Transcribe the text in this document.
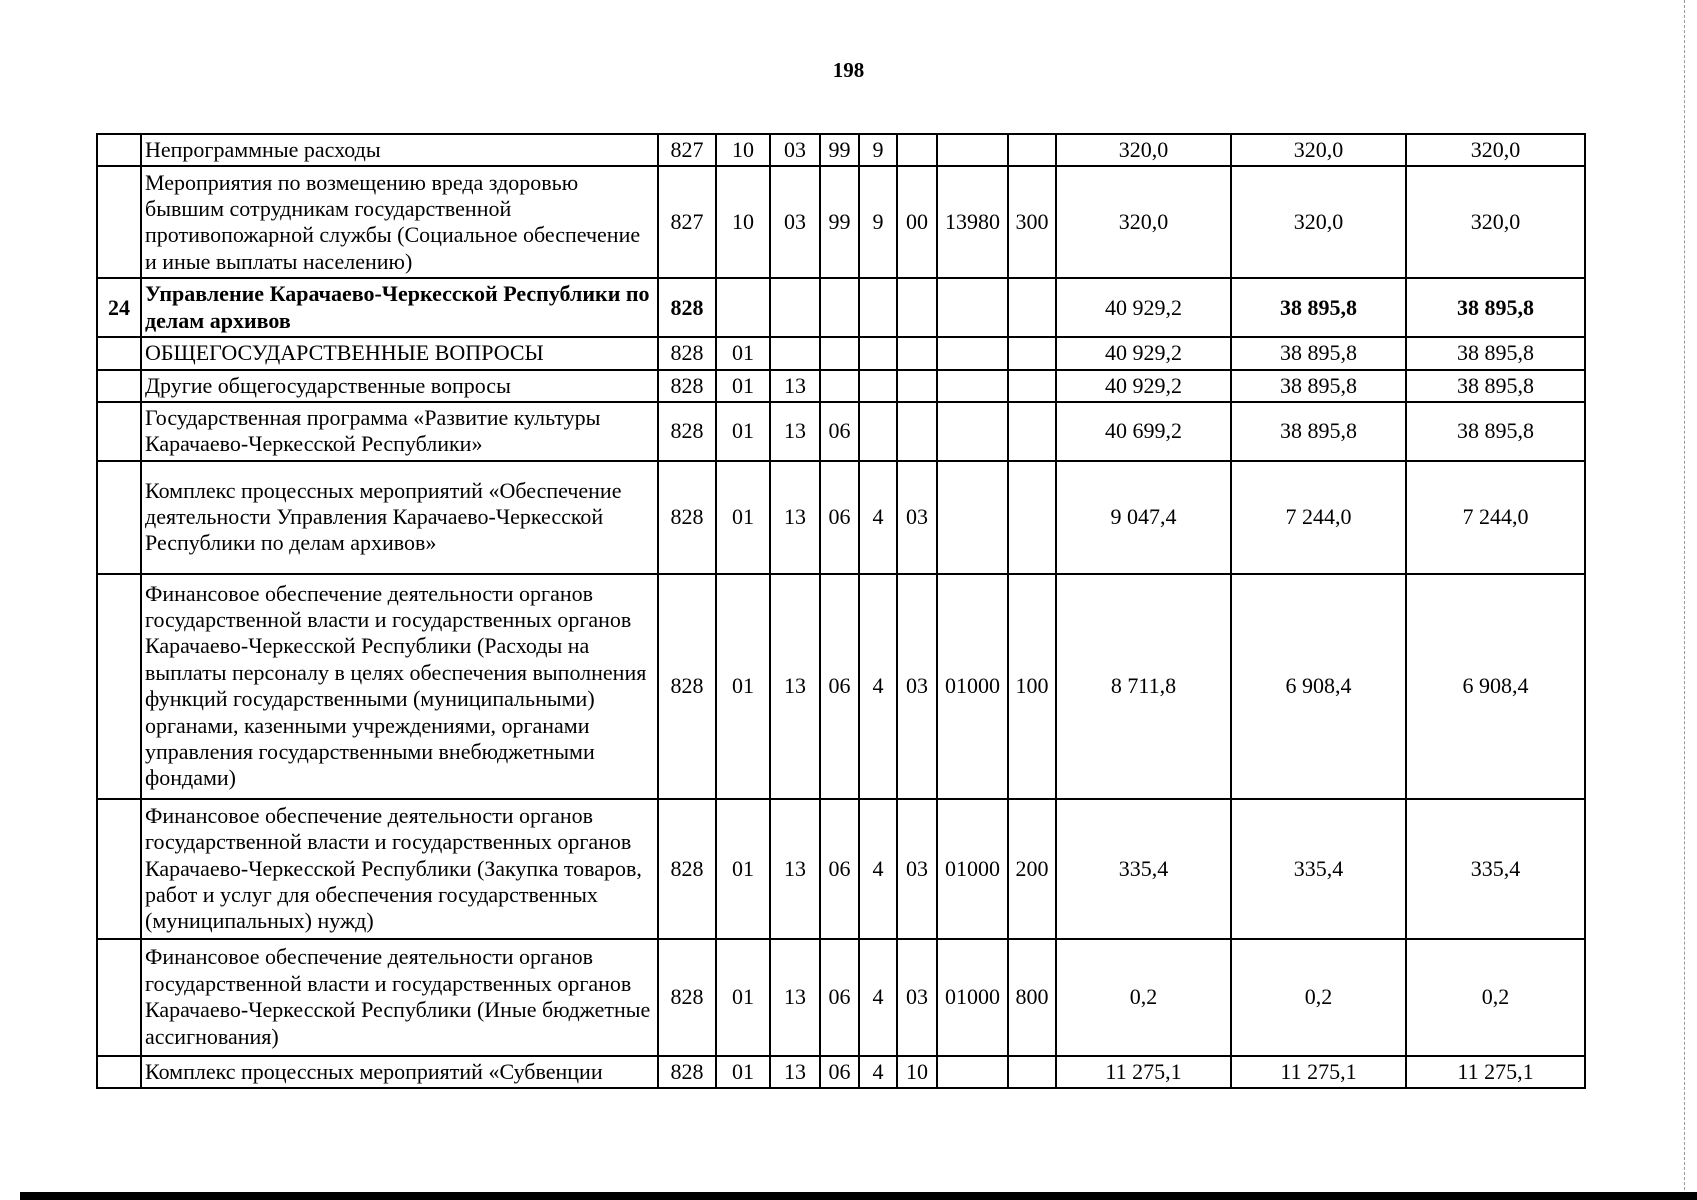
198
	Непрограммные расходы	827	10	03	99	9				320,0	320,0	320,0
	Мероприятия по возмещению вреда здоровью бывшим сотрудникам государственной противопожарной службы (Социальное обеспечение и иные выплаты населению)	827	10	03	99	9	00	13980	300	320,0	320,0	320,0
24	Управление Карачаево-Черкесской Республики по делам архивов	828								40 929,2	38 895,8	38 895,8
	ОБЩЕГОСУДАРСТВЕННЫЕ ВОПРОСЫ	828	01							40 929,2	38 895,8	38 895,8
	Другие общегосударственные вопросы	828	01	13						40 929,2	38 895,8	38 895,8
	Государственная программа «Развитие культуры Карачаево-Черкесской Республики»	828	01	13	06					40 699,2	38 895,8	38 895,8
	Комплекс процессных мероприятий «Обеспечение деятельности Управления Карачаево-Черкесской Республики по делам архивов»	828	01	13	06	4	03			9 047,4	7 244,0	7 244,0
	Финансовое обеспечение деятельности органов государственной власти и государственных органов Карачаево-Черкесской Республики (Расходы на выплаты персоналу в целях обеспечения выполнения функций государственными (муниципальными) органами, казенными учреждениями, органами управления государственными внебюджетными фондами)	828	01	13	06	4	03	01000	100	8 711,8	6 908,4	6 908,4
	Финансовое обеспечение деятельности органов государственной власти и государственных органов Карачаево-Черкесской Республики (Закупка товаров, работ и услуг для обеспечения государственных (муниципальных) нужд)	828	01	13	06	4	03	01000	200	335,4	335,4	335,4
	Финансовое обеспечение деятельности органов государственной власти и государственных органов Карачаево-Черкесской Республики (Иные бюджетные ассигнования)	828	01	13	06	4	03	01000	800	0,2	0,2	0,2
	Комплекс процессных мероприятий «Субвенции	828	01	13	06	4	10			11 275,1	11 275,1	11 275,1
